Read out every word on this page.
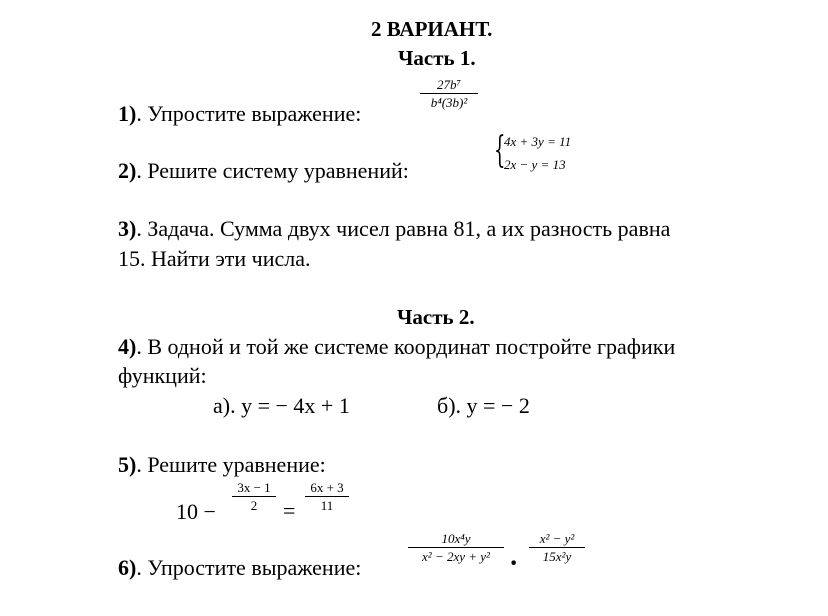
2 ВАРИАНТ.
Часть 1.
1). Упростите выражение:
27b⁷
b⁴(3b)²
2). Решите систему уравнений: {
4x + 3y = 11
2x − y = 13
3). Задача. Сумма двух чисел равна 81, а их разность равна
15. Найти эти числа.
Часть 2.
4). В одной и той же системе координат постройте графики
функций:
а). y = − 4x + 1	б). y = − 2
5). Решите уравнение:
10 −
3x − 1
2	=
6x + 3
11
6). Упростите выражение:
10x⁴y
x² − 2xy + y² ·
x² − y²
15x²y
